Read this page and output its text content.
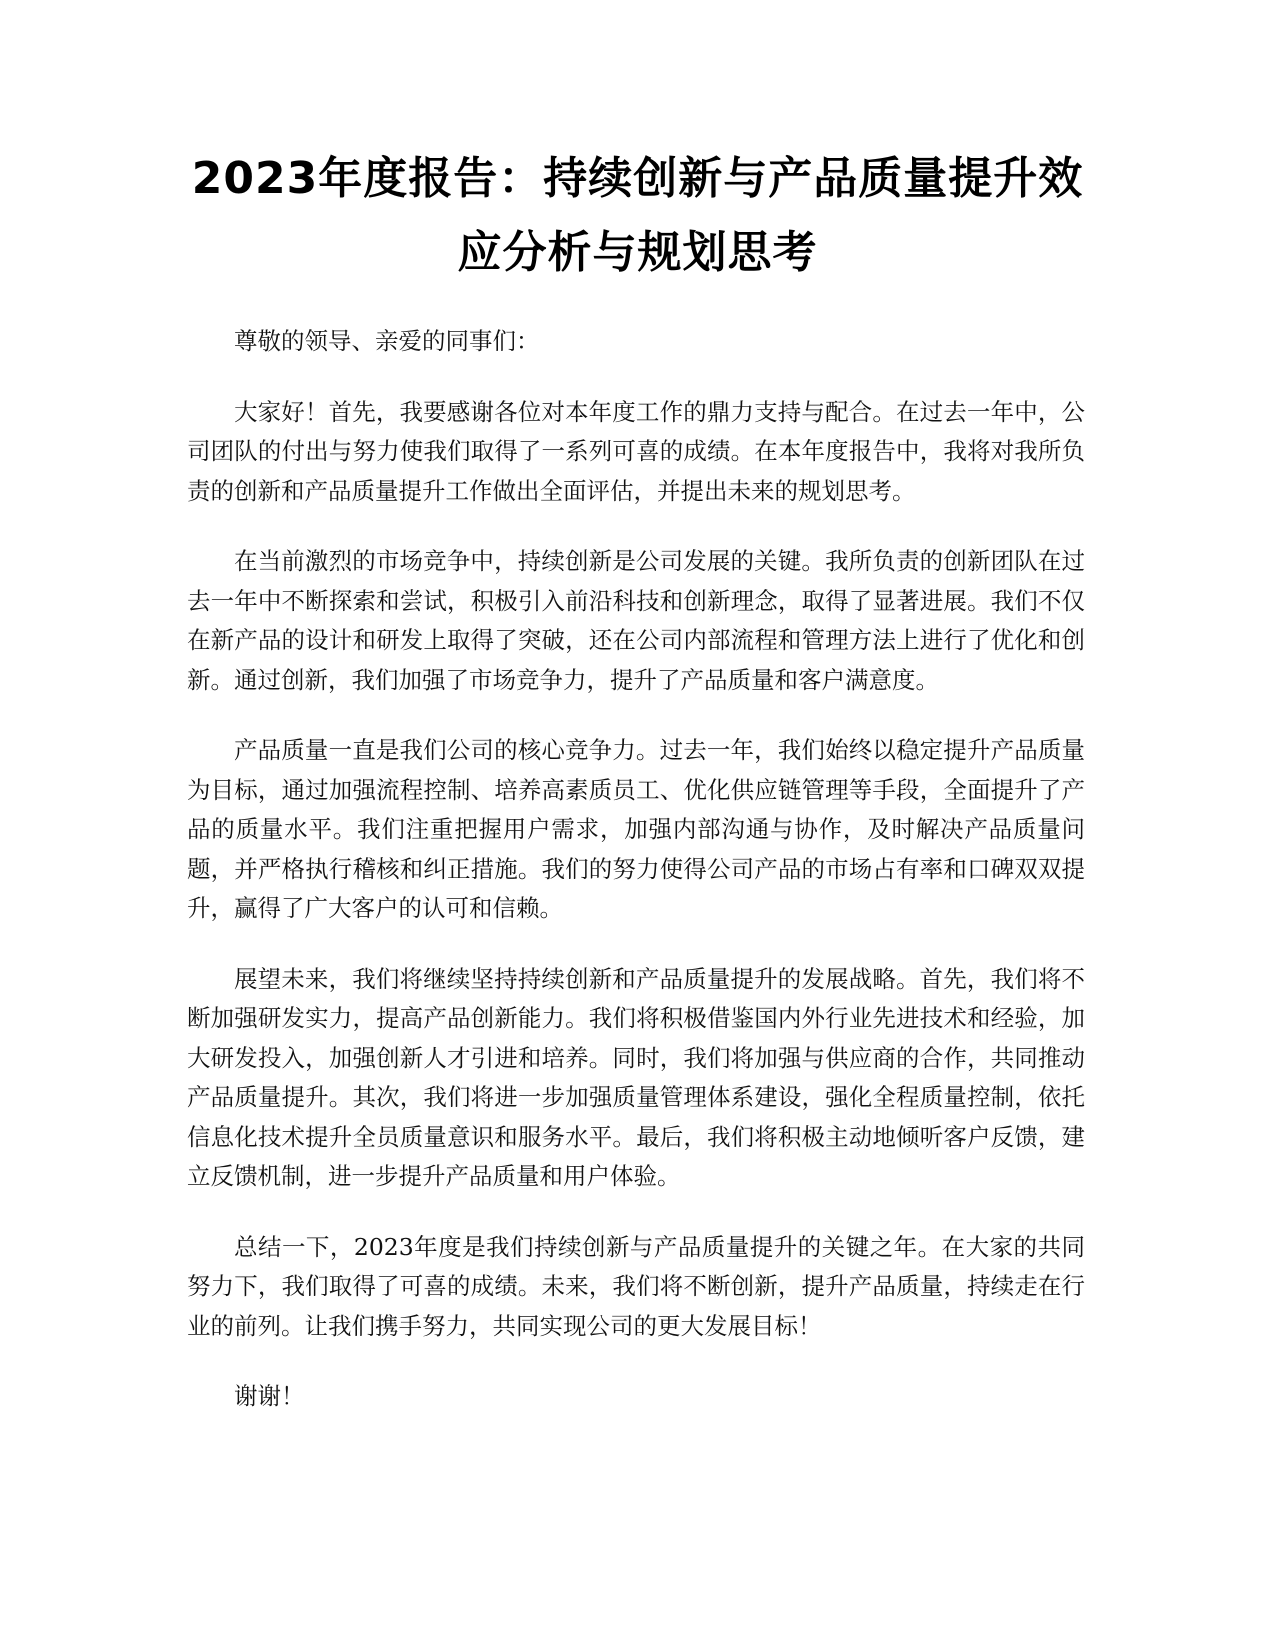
2023年度报告：持续创新与产品质量提升效应分析与规划思考

尊敬的领导、亲爱的同事们：

大家好！首先，我要感谢各位对本年度工作的鼎力支持与配合。在过去一年中，公司团队的付出与努力使我们取得了一系列可喜的成绩。在本年度报告中，我将对我所负责的创新和产品质量提升工作做出全面评估，并提出未来的规划思考。

在当前激烈的市场竞争中，持续创新是公司发展的关键。我所负责的创新团队在过去一年中不断探索和尝试，积极引入前沿科技和创新理念，取得了显著进展。我们不仅在新产品的设计和研发上取得了突破，还在公司内部流程和管理方法上进行了优化和创新。通过创新，我们加强了市场竞争力，提升了产品质量和客户满意度。

产品质量一直是我们公司的核心竞争力。过去一年，我们始终以稳定提升产品质量为目标，通过加强流程控制、培养高素质员工、优化供应链管理等手段，全面提升了产品的质量水平。我们注重把握用户需求，加强内部沟通与协作，及时解决产品质量问题，并严格执行稽核和纠正措施。我们的努力使得公司产品的市场占有率和口碑双双提升，赢得了广大客户的认可和信赖。

展望未来，我们将继续坚持持续创新和产品质量提升的发展战略。首先，我们将不断加强研发实力，提高产品创新能力。我们将积极借鉴国内外行业先进技术和经验，加大研发投入，加强创新人才引进和培养。同时，我们将加强与供应商的合作，共同推动产品质量提升。其次，我们将进一步加强质量管理体系建设，强化全程质量控制，依托信息化技术提升全员质量意识和服务水平。最后，我们将积极主动地倾听客户反馈，建立反馈机制，进一步提升产品质量和用户体验。

总结一下，2023年度是我们持续创新与产品质量提升的关键之年。在大家的共同努力下，我们取得了可喜的成绩。未来，我们将不断创新，提升产品质量，持续走在行业的前列。让我们携手努力，共同实现公司的更大发展目标！

谢谢！
